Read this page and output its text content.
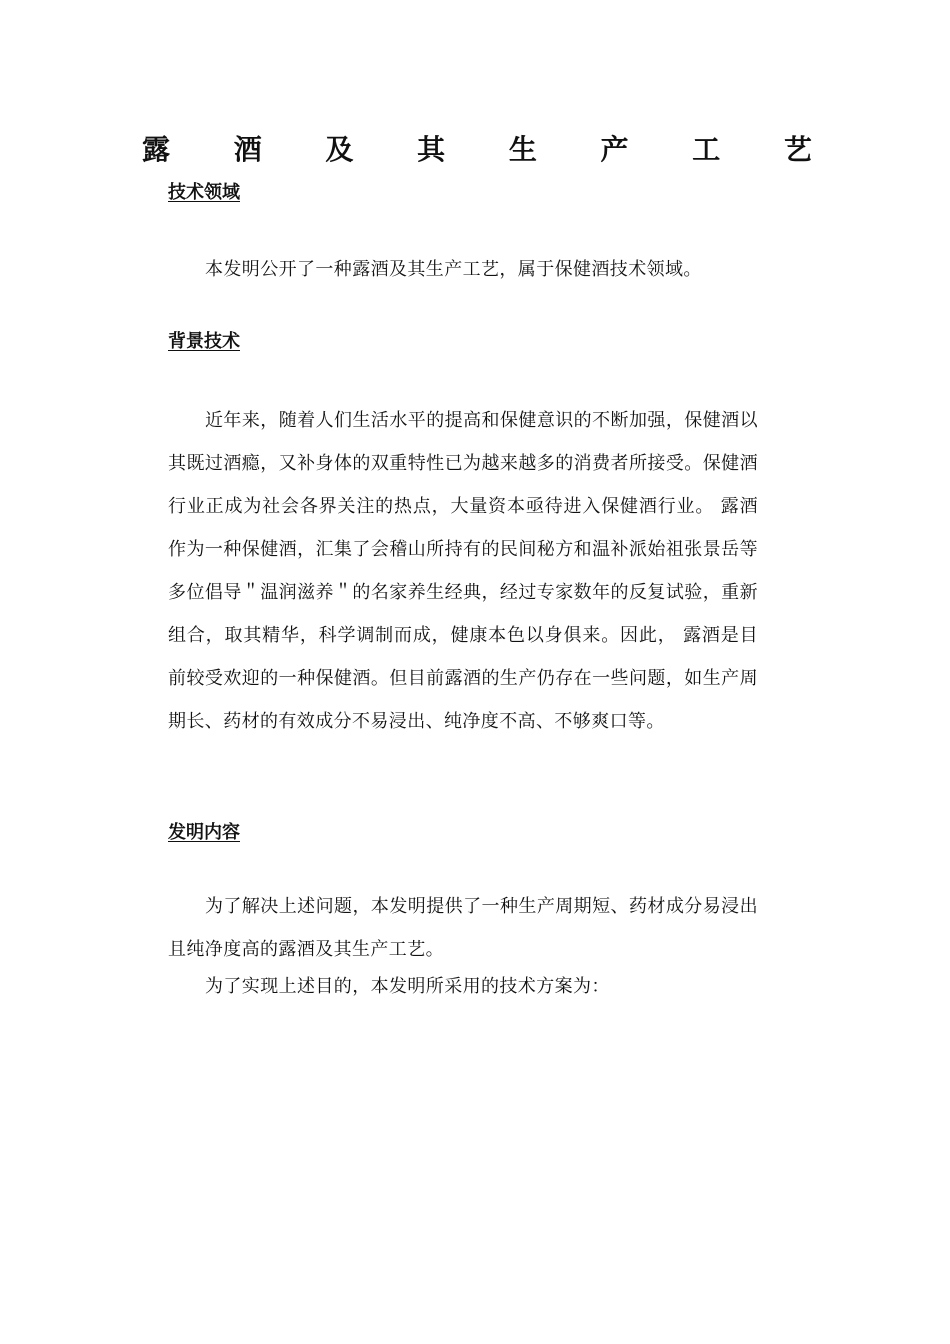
露 酒 及 其 生 产 工 艺
技术领域

本发明公开了一种露酒及其生产工艺，属于保健酒技术领域。

背景技术

近年来，随着人们生活水平的提高和保健意识的不断加强，保健酒以其既过酒瘾，又补身体的双重特性已为越来越多的消费者所接受。保健酒行业正成为社会各界关注的热点，大量资本亟待进入保健酒行业。 露酒作为一种保健酒，汇集了会稽山所持有的民间秘方和温补派始祖张景岳等多位倡导＂温润滋养＂的名家养生经典，经过专家数年的反复试验，重新组合，取其精华，科学调制而成，健康本色以身俱来。因此， 露酒是目前较受欢迎的一种保健酒。但目前露酒的生产仍存在一些问题，如生产周期长、药材的有效成分不易浸出、纯净度不高、不够爽口等。

发明内容

为了解决上述问题，本发明提供了一种生产周期短、药材成分易浸出且纯净度高的露酒及其生产工艺。

为了实现上述目的，本发明所采用的技术方案为：
